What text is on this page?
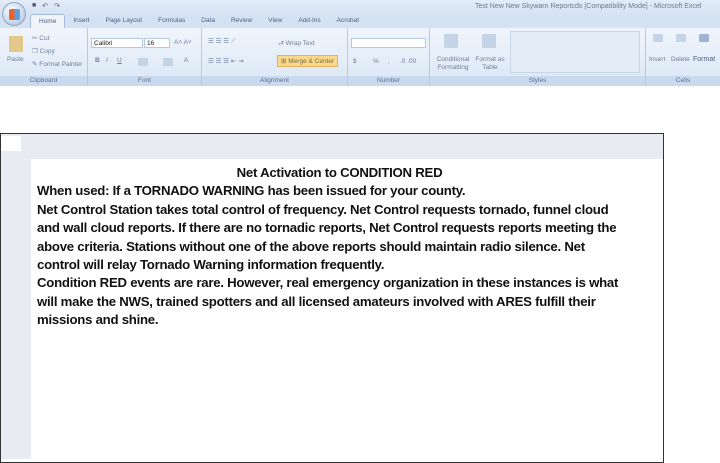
■ ↶ ↷	Test New New Skywarn Reportcds [Compatibility Mode] - Microsoft Excel
Home	Insert	Page Layout	Formulas	Data	Review	View	Add-Ins	Acrobat
Paste
✂ Cut
❐ Copy
✎ Format Painter
Clipboard
Calibri	16	A˄ A˅
B I U	A
Font
☰ ☰ ☰ ⟋
☰ ☰ ☰ ⇤ ⇥
⮐ Wrap Text
⊞ Merge & Center
Alignment
$	% , .0 .00
Number
Conditional Formatting
Format as Table
Styles
Insert Delete Format
Cells
Net Activation to CONDITION RED
When used: If a TORNADO WARNING has been issued for your county.
Net Control Station takes total control of frequency. Net Control requests tornado, funnel cloud
and wall cloud reports. If there are no tornadic reports, Net Control requests reports meeting the
above criteria. Stations without one of the above reports should maintain radio silence. Net
control will relay Tornado Warning information frequently.
Condition RED events are rare. However, real emergency organization in these instances is what
will make the NWS, trained spotters and all licensed amateurs involved with ARES fulfill their
missions and shine.
